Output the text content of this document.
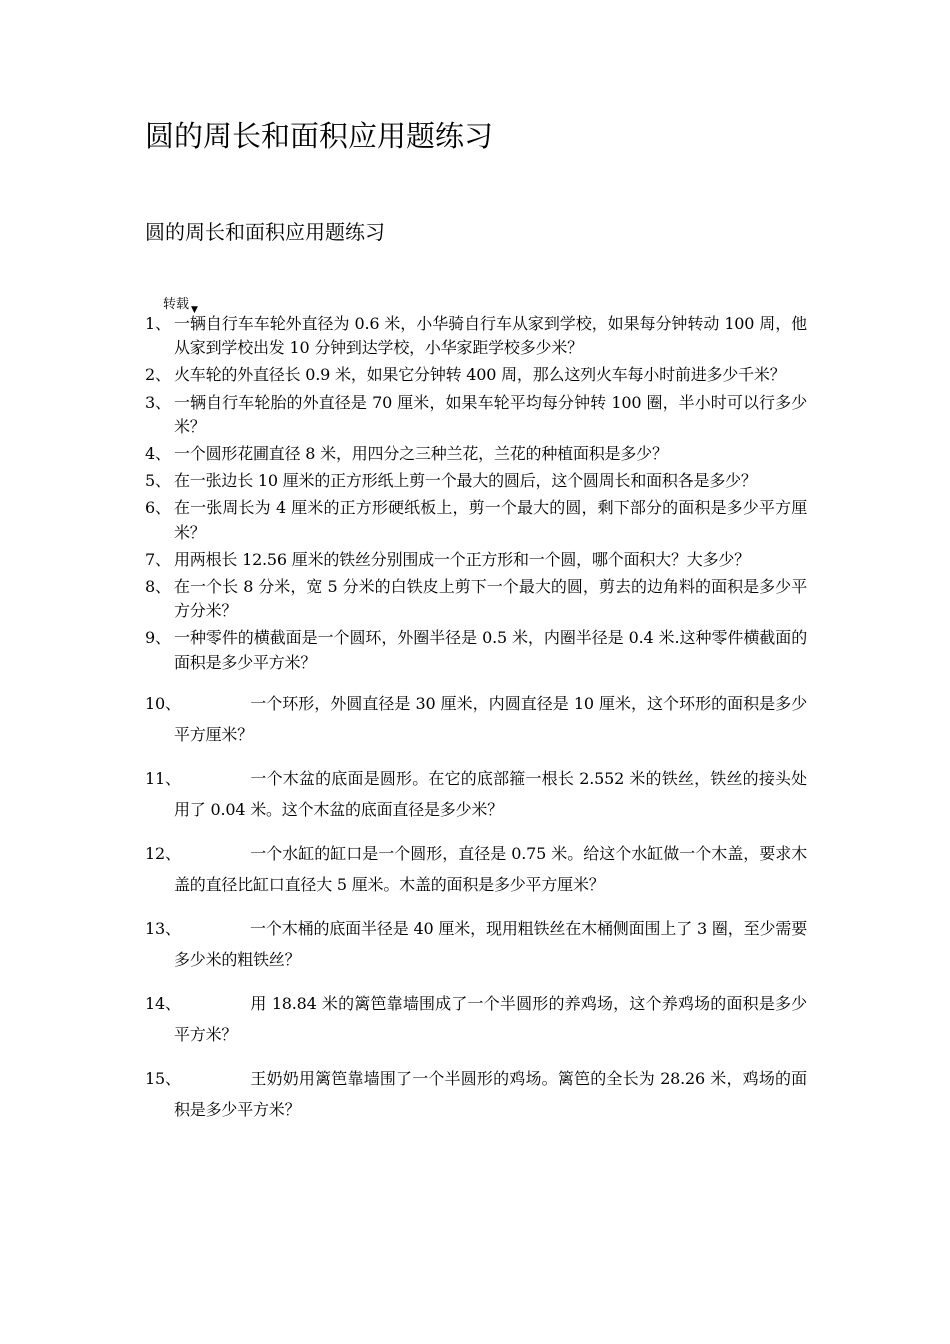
圆的周长和面积应用题练习
圆的周长和面积应用题练习
转载 ▼
1、 一辆自行车车轮外直径为 0.6 米，小华骑自行车从家到学校，如果每分钟转动 100 周，他从家到学校出发 10 分钟到达学校，小华家距学校多少米？
2、 火车轮的外直径长 0.9 米，如果它分钟转 400 周，那么这列火车每小时前进多少千米？
3、 一辆自行车轮胎的外直径是 70 厘米，如果车轮平均每分钟转 100 圈，半小时可以行多少米？
4、 一个圆形花圃直径 8 米，用四分之三种兰花，兰花的种植面积是多少？
5、 在一张边长 10 厘米的正方形纸上剪一个最大的圆后，这个圆周长和面积各是多少？
6、 在一张周长为 4 厘米的正方形硬纸板上，剪一个最大的圆，剩下部分的面积是多少平方厘米？
7、 用两根长 12.56 厘米的铁丝分别围成一个正方形和一个圆，哪个面积大？大多少？
8、 在一个长 8 分米，宽 5 分米的白铁皮上剪下一个最大的圆，剪去的边角料的面积是多少平方分米？
9、 一种零件的横截面是一个圆环，外圈半径是 0.5 米，内圈半径是 0.4 米.这种零件横截面的面积是多少平方米？
10、	一个环形，外圆直径是 30 厘米，内圆直径是 10 厘米，这个环形的面积是多少平方厘米？
11、	一个木盆的底面是圆形。在它的底部箍一根长 2.552 米的铁丝，铁丝的接头处用了 0.04 米。这个木盆的底面直径是多少米？
12、	一个水缸的缸口是一个圆形，直径是 0.75 米。给这个水缸做一个木盖，要求木盖的直径比缸口直径大 5 厘米。木盖的面积是多少平方厘米？
13、	一个木桶的底面半径是 40 厘米，现用粗铁丝在木桶侧面围上了 3 圈，至少需要多少米的粗铁丝？
14、	用 18.84 米的篱笆靠墙围成了一个半圆形的养鸡场，这个养鸡场的面积是多少平方米？
15、	王奶奶用篱笆靠墙围了一个半圆形的鸡场。篱笆的全长为 28.26 米，鸡场的面积是多少平方米？
